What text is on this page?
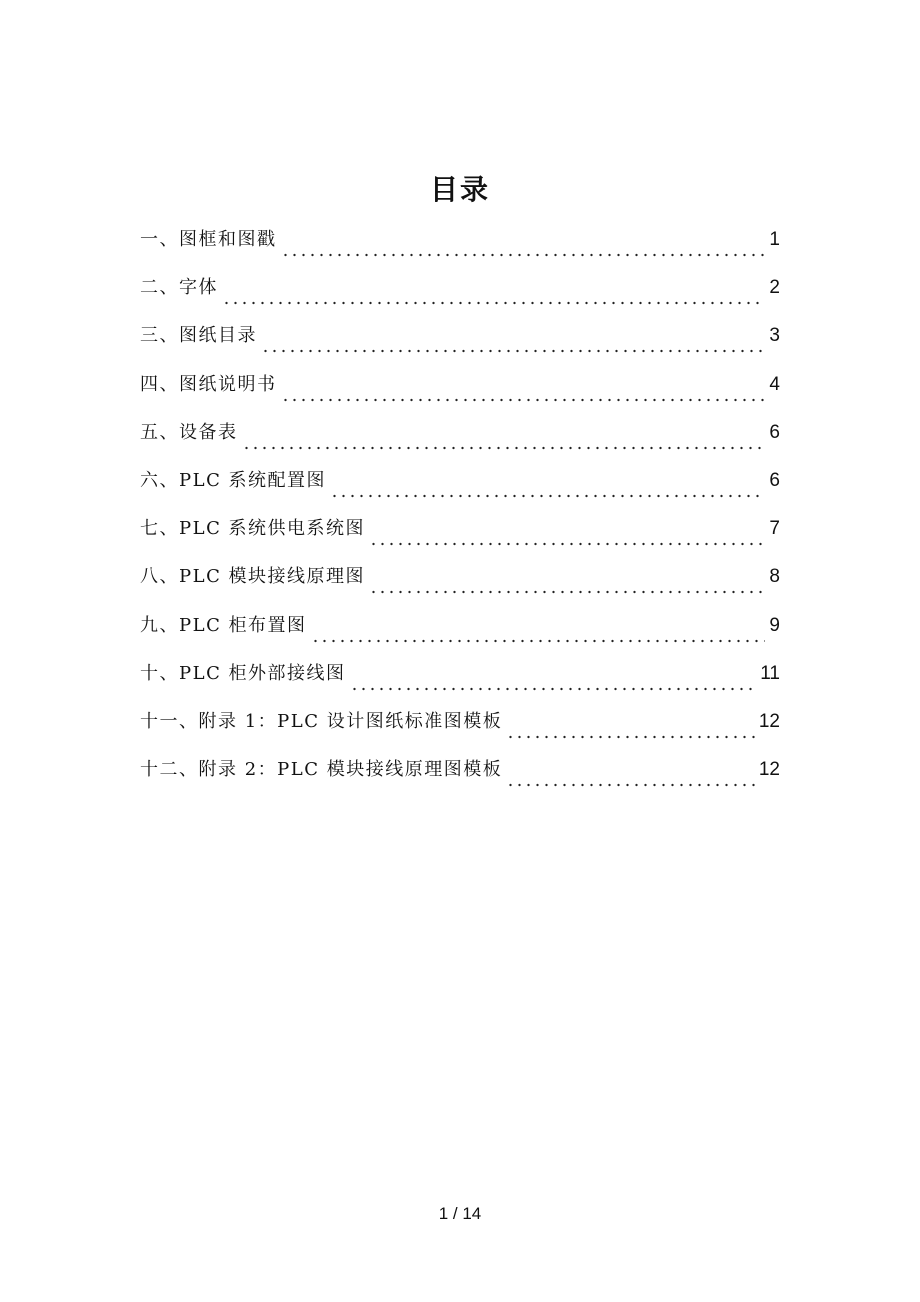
目录
一、图框和图戳	1
二、字体	2
三、图纸目录	3
四、图纸说明书	4
五、设备表	6
六、PLC 系统配置图	6
七、PLC 系统供电系统图	7
八、PLC 模块接线原理图	8
九、PLC 柜布置图	9
十、PLC 柜外部接线图	11
十一、附录 1：PLC 设计图纸标准图模板	12
十二、附录 2：PLC 模块接线原理图模板	12
1 / 14
